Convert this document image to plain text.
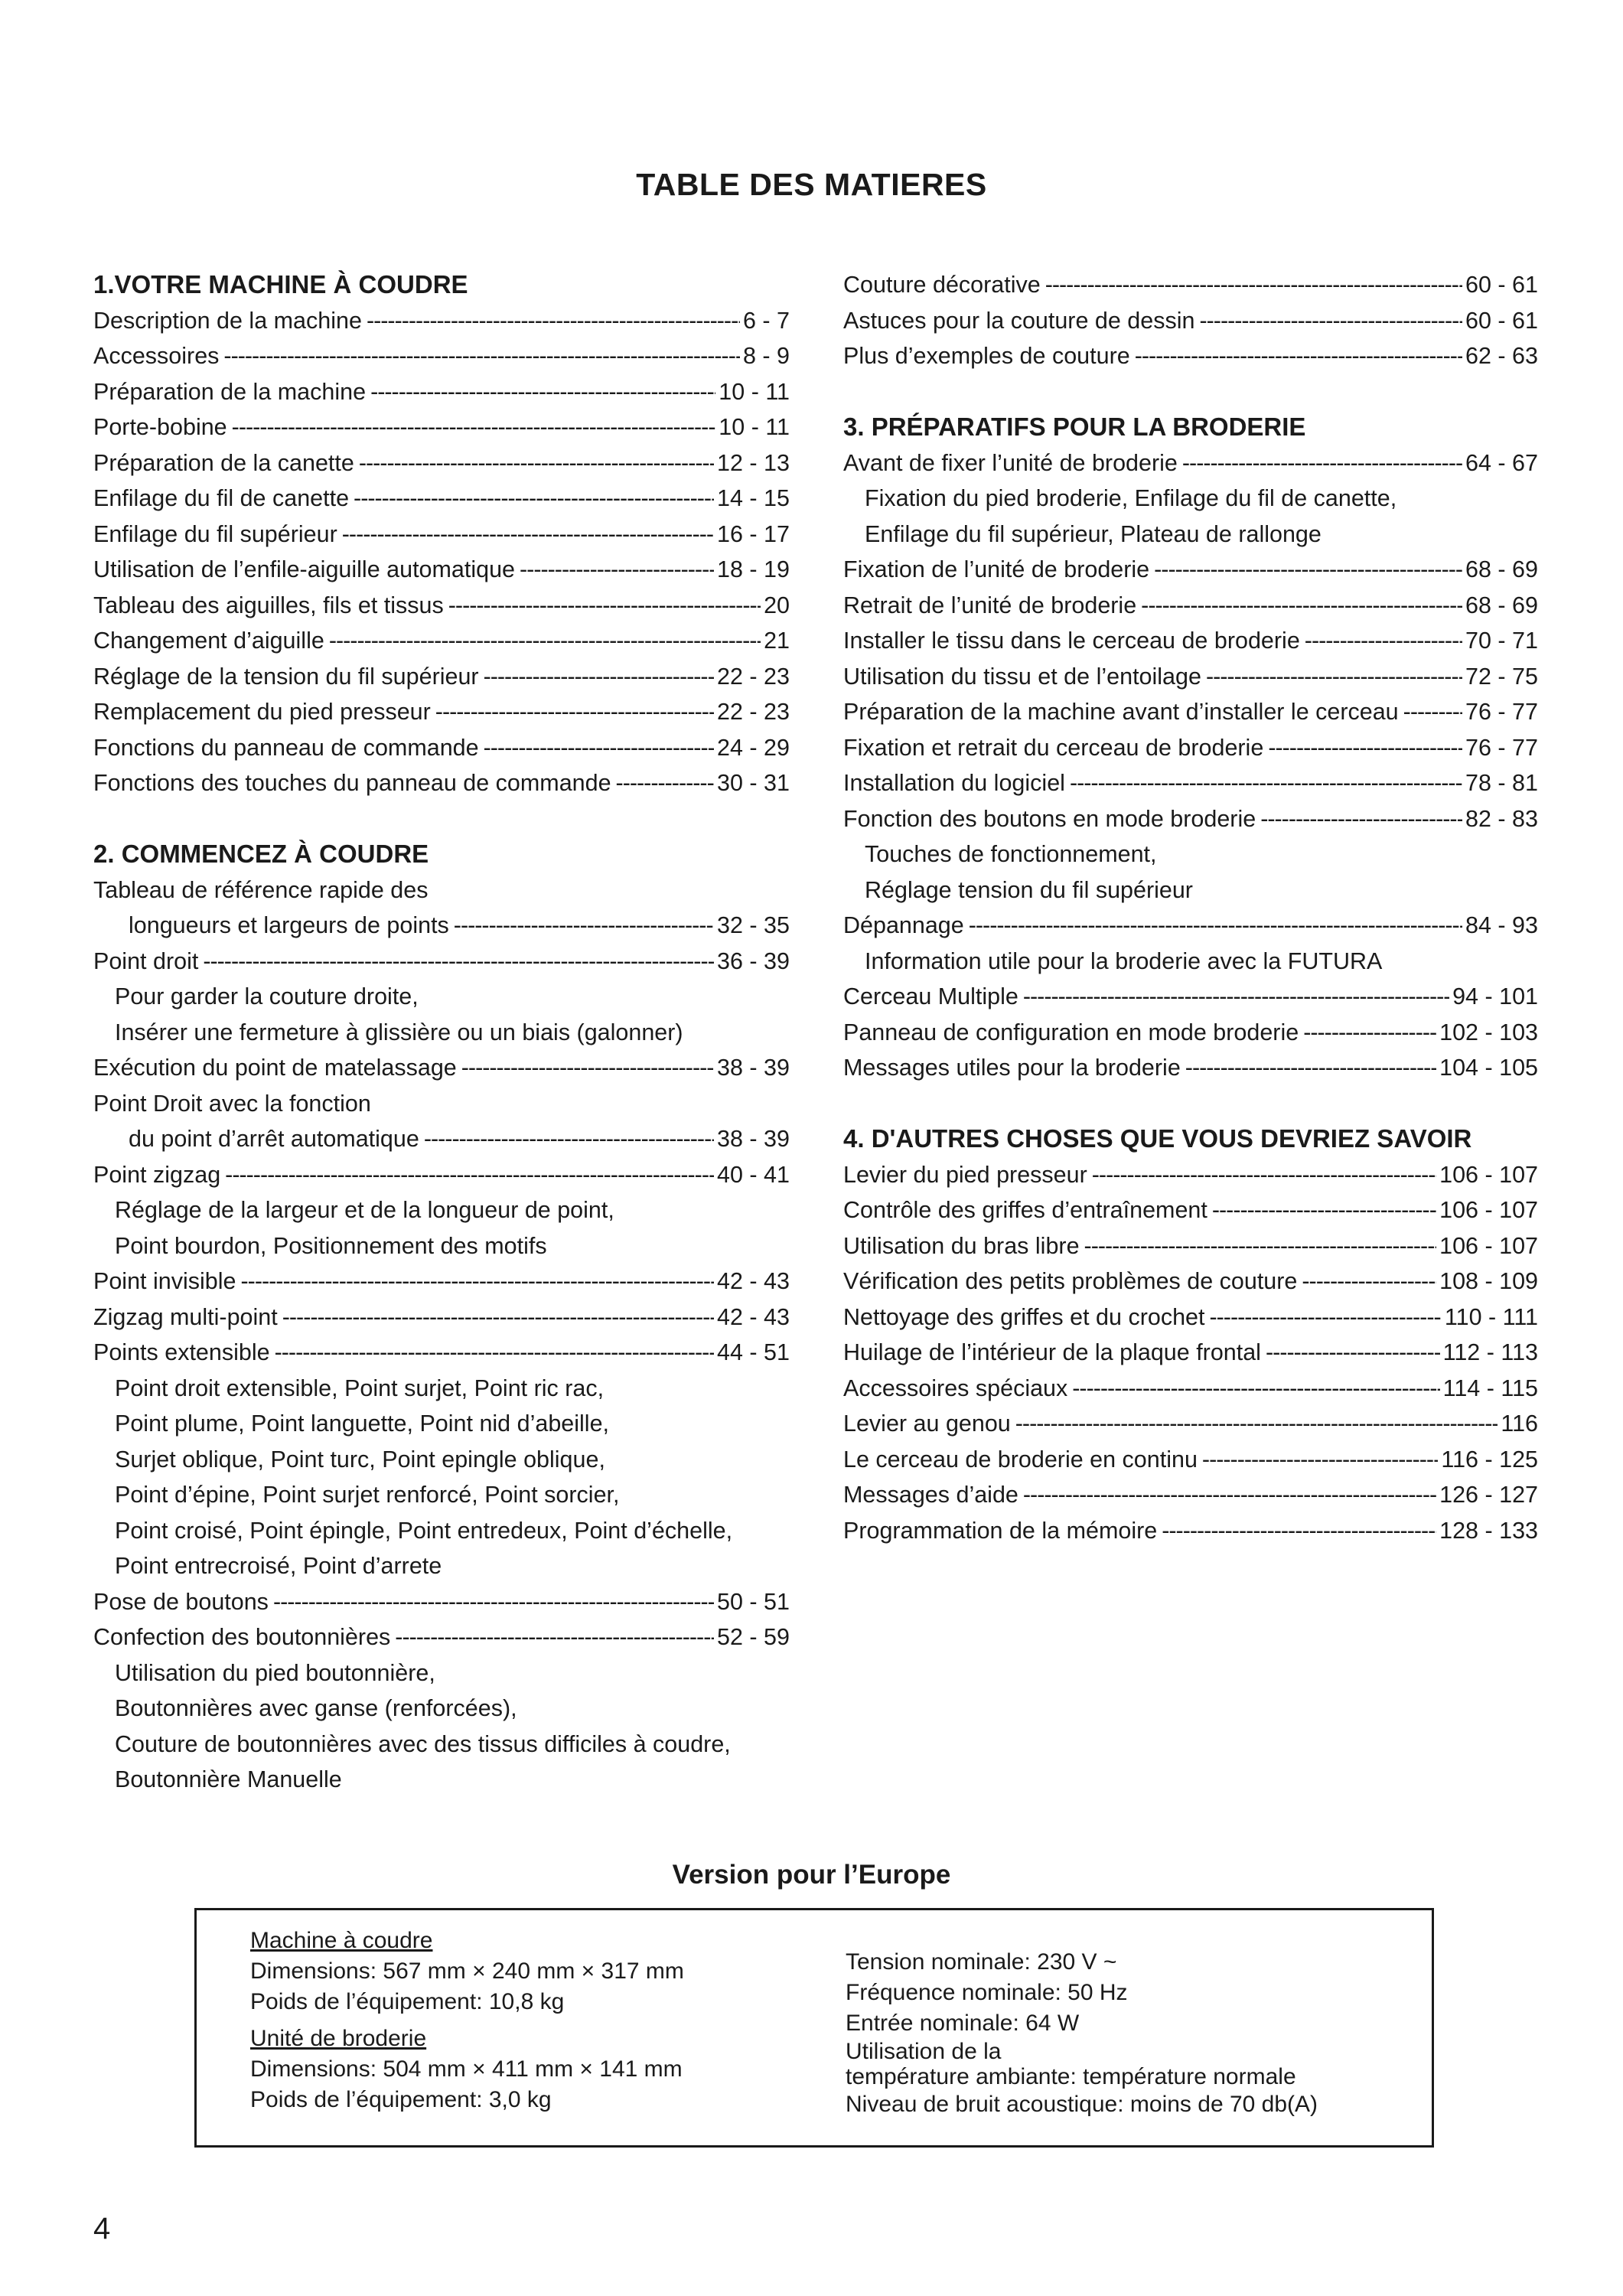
TABLE DES MATIERES
1.VOTRE MACHINE À COUDRE
Description de la machine -----	6 - 7
Accessoires -----	8 - 9
Préparation de la machine -----	10 - 11
Porte-bobine -----	10 - 11
Préparation de la canette -----	12 - 13
Enfilage du fil de canette -----	14 - 15
Enfilage du fil supérieur -----	16 - 17
Utilisation de l’enfile-aiguille automatique -----	18 - 19
Tableau des aiguilles, fils et tissus -----	20
Changement d’aiguille -----	21
Réglage de la tension du fil supérieur -----	22 - 23
Remplacement du pied presseur -----	22 - 23
Fonctions du panneau de commande -----	24 - 29
Fonctions des touches du panneau de commande -----	30 - 31
2. COMMENCEZ À COUDRE
Tableau de référence rapide des
longueurs et largeurs de points -----	32 - 35
Point droit -----	36 - 39
Pour garder la couture droite,
Insérer une fermeture à glissière ou un biais (galonner)
Exécution du point de matelassage -----	38 - 39
Point Droit avec la fonction
du point d’arrêt automatique -----	38 - 39
Point zigzag -----	40 - 41
Réglage de la largeur et de la longueur de point,
Point bourdon, Positionnement des motifs
Point invisible -----	42 - 43
Zigzag multi-point -----	42 - 43
Points extensible -----	44 - 51
Point droit extensible, Point surjet, Point ric rac,
Point plume, Point languette, Point nid d’abeille,
Surjet oblique, Point turc, Point epingle oblique,
Point d’épine, Point surjet renforcé, Point sorcier,
Point croisé, Point épingle, Point entredeux, Point d’échelle,
Point entrecroisé, Point d’arrete
Pose de boutons -----	50 - 51
Confection des boutonnières -----	52 - 59
Utilisation du pied boutonnière,
Boutonnières avec ganse (renforcées),
Couture de boutonnières avec des tissus difficiles à coudre,
Boutonnière Manuelle
Couture décorative -----	60 - 61
Astuces pour la couture de dessin -----	60 - 61
Plus d’exemples de couture -----	62 - 63
3. PRÉPARATIFS POUR LA BRODERIE
Avant de fixer l’unité de broderie -----	64 - 67
Fixation du pied broderie, Enfilage du fil de canette,
Enfilage du fil supérieur, Plateau de rallonge
Fixation de l’unité de broderie -----	68 - 69
Retrait de l’unité de broderie -----	68 - 69
Installer le tissu dans le cerceau de broderie -----	70 - 71
Utilisation du tissu et de l’entoilage -----	72 - 75
Préparation de la machine avant d’installer le cerceau -----	76 - 77
Fixation et retrait du cerceau de broderie -----	76 - 77
Installation du logiciel -----	78 - 81
Fonction des boutons en mode broderie -----	82 - 83
Touches de fonctionnement,
Réglage tension du fil supérieur
Dépannage -----	84 - 93
Information utile pour la broderie avec la FUTURA
Cerceau Multiple -----	94 - 101
Panneau de configuration en mode broderie -----	102 - 103
Messages utiles pour la broderie -----	104 - 105
4. D'AUTRES CHOSES QUE VOUS DEVRIEZ SAVOIR
Levier du pied presseur -----	106 - 107
Contrôle des griffes d’entraînement -----	106 - 107
Utilisation du bras libre -----	106 - 107
Vérification des petits problèmes de couture -----	108 - 109
Nettoyage des griffes et du crochet -----	110 - 111
Huilage de l’intérieur de la plaque frontal -----	112 - 113
Accessoires spéciaux -----	114 - 115
Levier au genou -----	116
Le cerceau de broderie en continu -----	116 - 125
Messages d’aide -----	126 - 127
Programmation de la mémoire -----	128 - 133
Version pour l’Europe
Machine à coudre
Dimensions: 567 mm × 240 mm × 317 mm
Poids de l’équipement: 10,8 kg
Unité de broderie
Dimensions: 504 mm × 411 mm × 141 mm
Poids de l’équipement: 3,0 kg
Tension nominale: 230 V ~
Fréquence nominale: 50 Hz
Entrée nominale: 64 W
Utilisation de la
température ambiante: température normale
Niveau de bruit acoustique: moins de 70 db(A)
4
